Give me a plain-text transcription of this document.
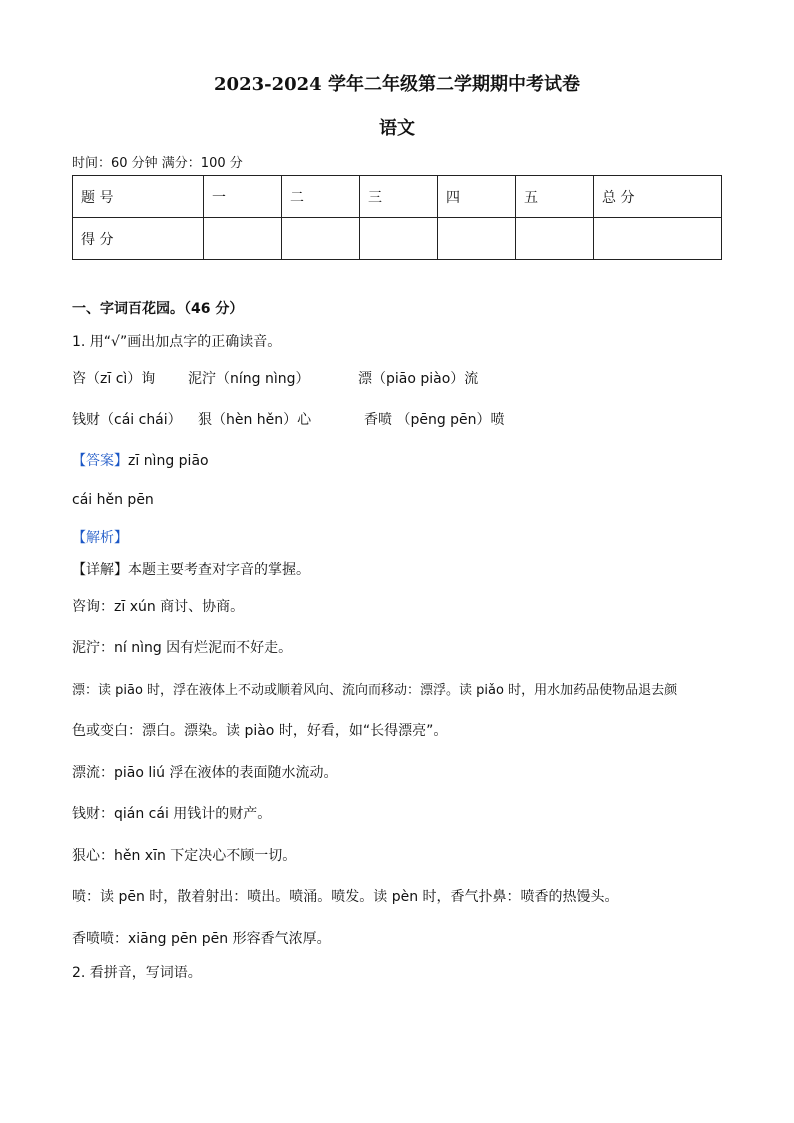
2023-2024 学年二年级第二学期期中考试卷
语文
时间：60 分钟 满分：100 分
题 号	一	二	三	四	五	总 分
得 分						
一、字词百花园。（46 分）
1. 用“√”画出加点字的正确读音。
咨（zī cì）询 泥泞（níng nìng）	漂（piāo piào）流
钱财（cái chái） 狠（hèn hěn）心	香喷 （pēng pēn）喷
【答案】zī nìng piāo
cái hěn pēn
【解析】
【详解】本题主要考查对字音的掌握。
咨询：zī xún 商讨、协商。
泥泞：ní nìng 因有烂泥而不好走。
漂：读 piāo 时，浮在液体上不动或顺着风向、流向而移动：漂浮。读 piǎo 时，用水加药品使物品退去颜
色或变白：漂白。漂染。读 piào 时，好看，如“长得漂亮”。
漂流：piāo liú 浮在液体的表面随水流动。
钱财：qián cái 用钱计的财产。
狠心：hěn xīn 下定决心不顾一切。
喷：读 pēn 时，散着射出：喷出。喷涌。喷发。读 pèn 时，香气扑鼻：喷香的热馒头。
香喷喷：xiāng pēn pēn 形容香气浓厚。
2. 看拼音，写词语。
